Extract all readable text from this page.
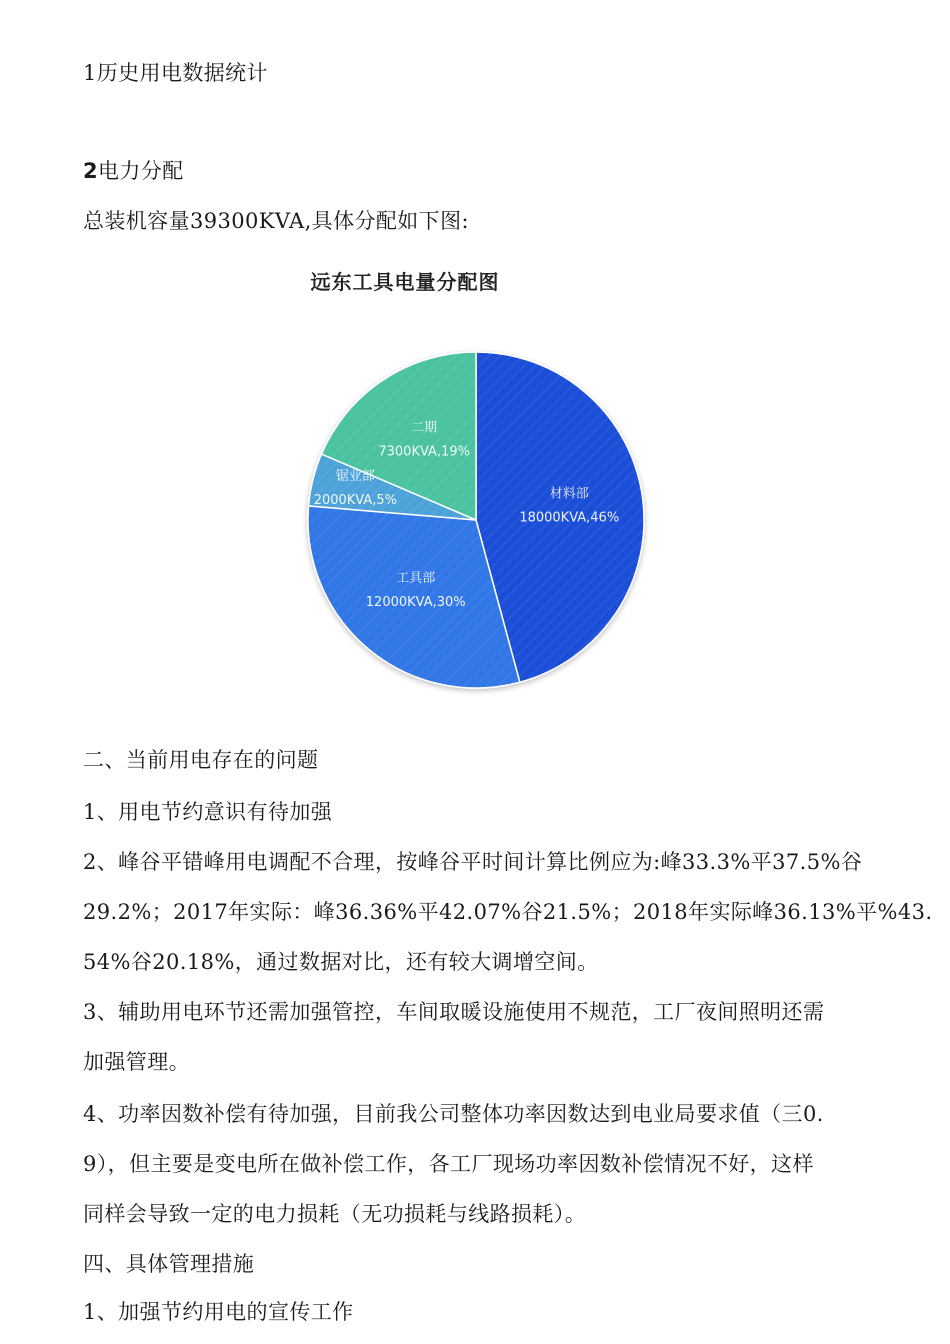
1历史用电数据统计
2电力分配
总装机容量39300KVA,具体分配如下图:
远东工具电量分配图
材料部
18000KVA,46%
工具部
12000KVA,30%
锯业部
2000KVA,5%
二期
7300KVA,19%
二、当前用电存在的问题
1、用电节约意识有待加强
2、峰谷平错峰用电调配不合理，按峰谷平时间计算比例应为:峰33.3%平37.5%谷
29.2%；2017年实际：峰36.36%平42.07%谷21.5%；2018年实际峰36.13%平%43.
54%谷20.18%，通过数据对比，还有较大调增空间。
3、辅助用电环节还需加强管控，车间取暖设施使用不规范，工厂夜间照明还需
加强管理。
4、功率因数补偿有待加强，目前我公司整体功率因数达到电业局要求值（三0.
9），但主要是变电所在做补偿工作，各工厂现场功率因数补偿情况不好，这样
同样会导致一定的电力损耗（无功损耗与线路损耗）。
四、具体管理措施
1、加强节约用电的宣传工作
